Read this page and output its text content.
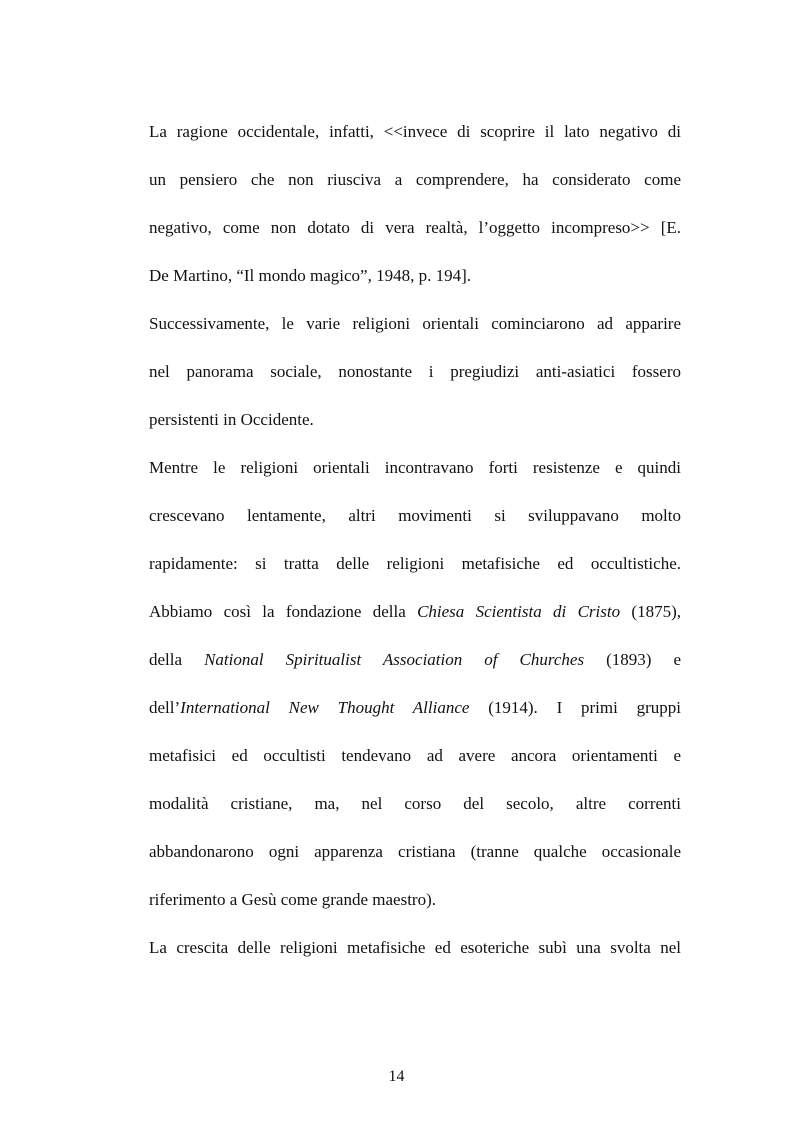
La ragione occidentale, infatti, <<invece di scoprire il lato negativo di
un pensiero che non riusciva a comprendere, ha considerato come
negativo, come non dotato di vera realtà, l’oggetto incompreso>> [E.
De Martino, “Il mondo magico”, 1948, p. 194].
Successivamente, le varie religioni orientali cominciarono ad apparire
nel panorama sociale, nonostante i pregiudizi anti-asiatici fossero
persistenti in Occidente.
Mentre le religioni orientali incontravano forti resistenze e quindi
crescevano lentamente, altri movimenti si sviluppavano molto
rapidamente: si tratta delle religioni metafisiche ed occultistiche.
Abbiamo così la fondazione della Chiesa Scientista di Cristo (1875),
della National Spiritualist Association of Churches (1893) e
dell’International New Thought Alliance (1914). I primi gruppi
metafisici ed occultisti tendevano ad avere ancora orientamenti e
modalità cristiane, ma, nel corso del secolo, altre correnti
abbandonarono ogni apparenza cristiana (tranne qualche occasionale
riferimento a Gesù come grande maestro).
La crescita delle religioni metafisiche ed esoteriche subì una svolta nel
14
